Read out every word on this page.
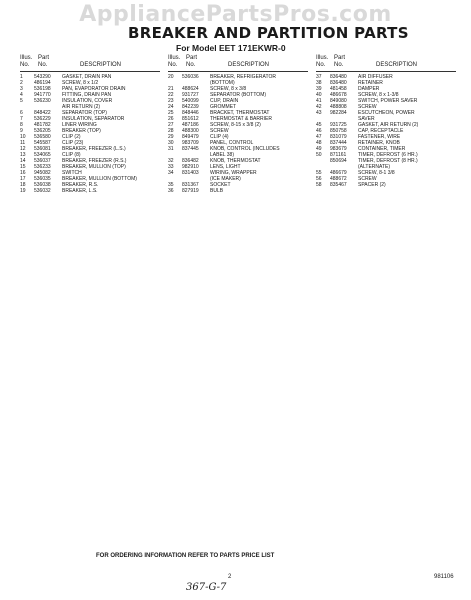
AppliancePartsPros.com
BREAKER AND PARTITION PARTS
For Model EET 171EKWR-0
Illus. Part
No. No.	DESCRIPTION
1	543290	GASKET, DRAIN PAN
2	486194	SCREW, 8 x 1/2
3	536198	PAN, EVAPORATOR DRAIN
4	941770	FITTING, DRAIN PAN
5	536230	INSULATION, COVER
AIR RETURN (2)
6	848422	SEPARATOR (TOP)
7	536229	INSULATION, SEPARATOR
8	481782	LINER WIRING
9	536205	BREAKER (TOP)
10	536580	CLIP (2)
11	545587	CLIP (23)
12	536081	BREAKER, FREEZER (L.S.)
13	534065	CLIP (8)
14	536037	BREAKER, FREEZER (R.S.)
15	536233	BREAKER, MULLION (TOP)
16	945082	SWITCH
17	536035	BREAKER, MULLION (BOTTOM)
18	536038	BREAKER, R.S.
19	536032	BREAKER, L.S.
Illus. Part
No. No.	DESCRIPTION
20	536036	BREAKER, REFRIGERATOR
(BOTTOM)
21	488624	SCREW, 8 x 3/8
22	931727	SEPARATOR (BOTTOM)
23	540099	CUP, DRAIN
24	842239	GROMMET
25	848446	BRACKET, THERMOSTAT
26	851612	THERMOSTAT & BARRIER
27	487186	SCREW, 8-15 x 3/8 (2)
28	488300	SCREW
29	849479	CLIP (4)
30	983709	PANEL, CONTROL
31	837445	KNOB, CONTROL (INCLUDES
LABEL 38)
32	836482	KNOB, THERMOSTAT
33	982910	LENS, LIGHT
34	831403	WIRING, WRAPPER
(ICE MAKER)
35	831367	SOCKET
36	827919	BULB
Illus. Part
No. No.	DESCRIPTION
37	836480	AIR DIFFUSER
38	836480	RETAINER
39	481458	DAMPER
40	486678	SCREW, 8 x 1-3/8
41	849080	SWITCH, POWER SAVER
42	488808	SCREW
43	982284	ESCUTCHEON, POWER
SAVER
45	931725	GASKET, AIR RETURN (2)
46	850758	CAP, RECEPTACLE
47	831079	FASTENER, WIRE
48	837444	RETAINER, KNOB
49	983679	CONTAINER, TIMER
50	871161	TIMER, DEFROST (6 HR.)
850694	TIMER, DEFROST (8 HR.)
(ALTERNATE)
55	486679	SCREW, 8-1 3/8
56	488672	SCREW
58	835467	SPACER (2)
FOR ORDERING INFORMATION REFER TO PARTS PRICE LIST
2	981106
367-G-7
